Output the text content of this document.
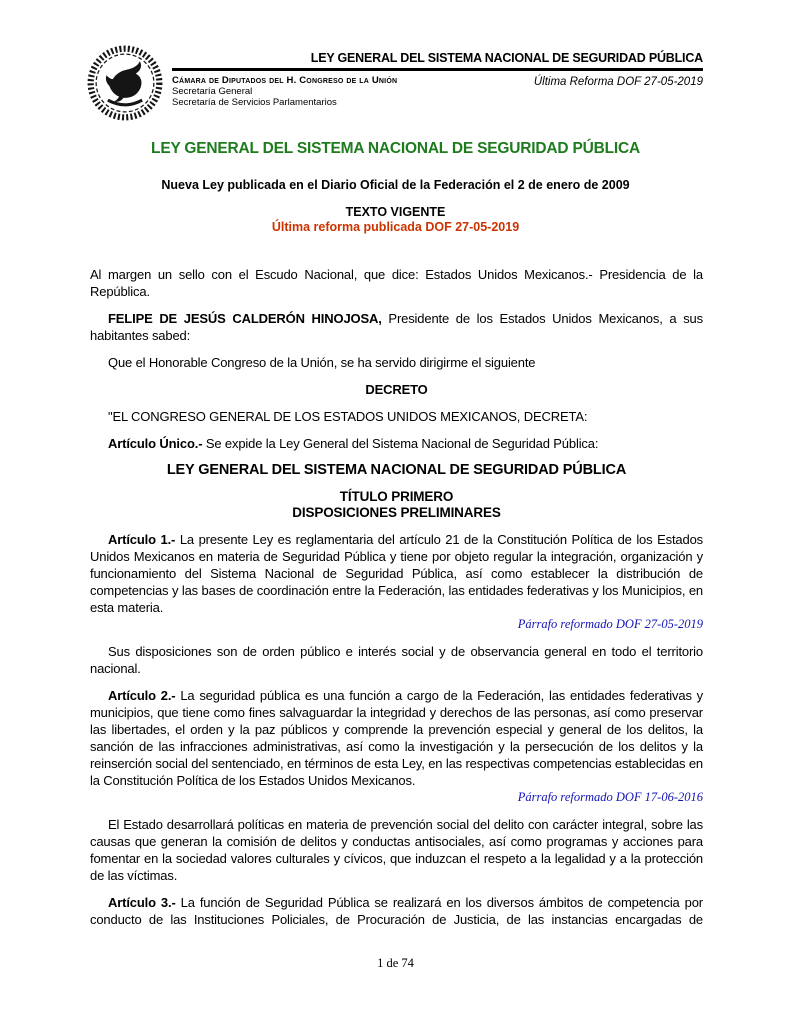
LEY GENERAL DEL SISTEMA NACIONAL DE SEGURIDAD PÚBLICA
Cámara de Diputados del H. Congreso de la Unión
Secretaría General
Secretaría de Servicios Parlamentarios
Última Reforma DOF 27-05-2019
LEY GENERAL DEL SISTEMA NACIONAL DE SEGURIDAD PÚBLICA
Nueva Ley publicada en el Diario Oficial de la Federación el 2 de enero de 2009
TEXTO VIGENTE
Última reforma publicada DOF 27-05-2019

Al margen un sello con el Escudo Nacional, que dice: Estados Unidos Mexicanos.- Presidencia de la República.

FELIPE DE JESÚS CALDERÓN HINOJOSA, Presidente de los Estados Unidos Mexicanos, a sus habitantes sabed:

Que el Honorable Congreso de la Unión, se ha servido dirigirme el siguiente

DECRETO

"EL CONGRESO GENERAL DE LOS ESTADOS UNIDOS MEXICANOS, DECRETA:

Artículo Único.- Se expide la Ley General del Sistema Nacional de Seguridad Pública:

LEY GENERAL DEL SISTEMA NACIONAL DE SEGURIDAD PÚBLICA

TÍTULO PRIMERO
DISPOSICIONES PRELIMINARES

Artículo 1.- La presente Ley es reglamentaria del artículo 21 de la Constitución Política de los Estados Unidos Mexicanos en materia de Seguridad Pública y tiene por objeto regular la integración, organización y funcionamiento del Sistema Nacional de Seguridad Pública, así como establecer la distribución de competencias y las bases de coordinación entre la Federación, las entidades federativas y los Municipios, en esta materia.

Párrafo reformado DOF 27-05-2019

Sus disposiciones son de orden público e interés social y de observancia general en todo el territorio nacional.

Artículo 2.- La seguridad pública es una función a cargo de la Federación, las entidades federativas y municipios, que tiene como fines salvaguardar la integridad y derechos de las personas, así como preservar las libertades, el orden y la paz públicos y comprende la prevención especial y general de los delitos, la sanción de las infracciones administrativas, así como la investigación y la persecución de los delitos y la reinserción social del sentenciado, en términos de esta Ley, en las respectivas competencias establecidas en la Constitución Política de los Estados Unidos Mexicanos.

Párrafo reformado DOF 17-06-2016

El Estado desarrollará políticas en materia de prevención social del delito con carácter integral, sobre las causas que generan la comisión de delitos y conductas antisociales, así como programas y acciones para fomentar en la sociedad valores culturales y cívicos, que induzcan el respeto a la legalidad y a la protección de las víctimas.

Artículo 3.- La función de Seguridad Pública se realizará en los diversos ámbitos de competencia por conducto de las Instituciones Policiales, de Procuración de Justicia, de las instancias encargadas de

1 de 74
